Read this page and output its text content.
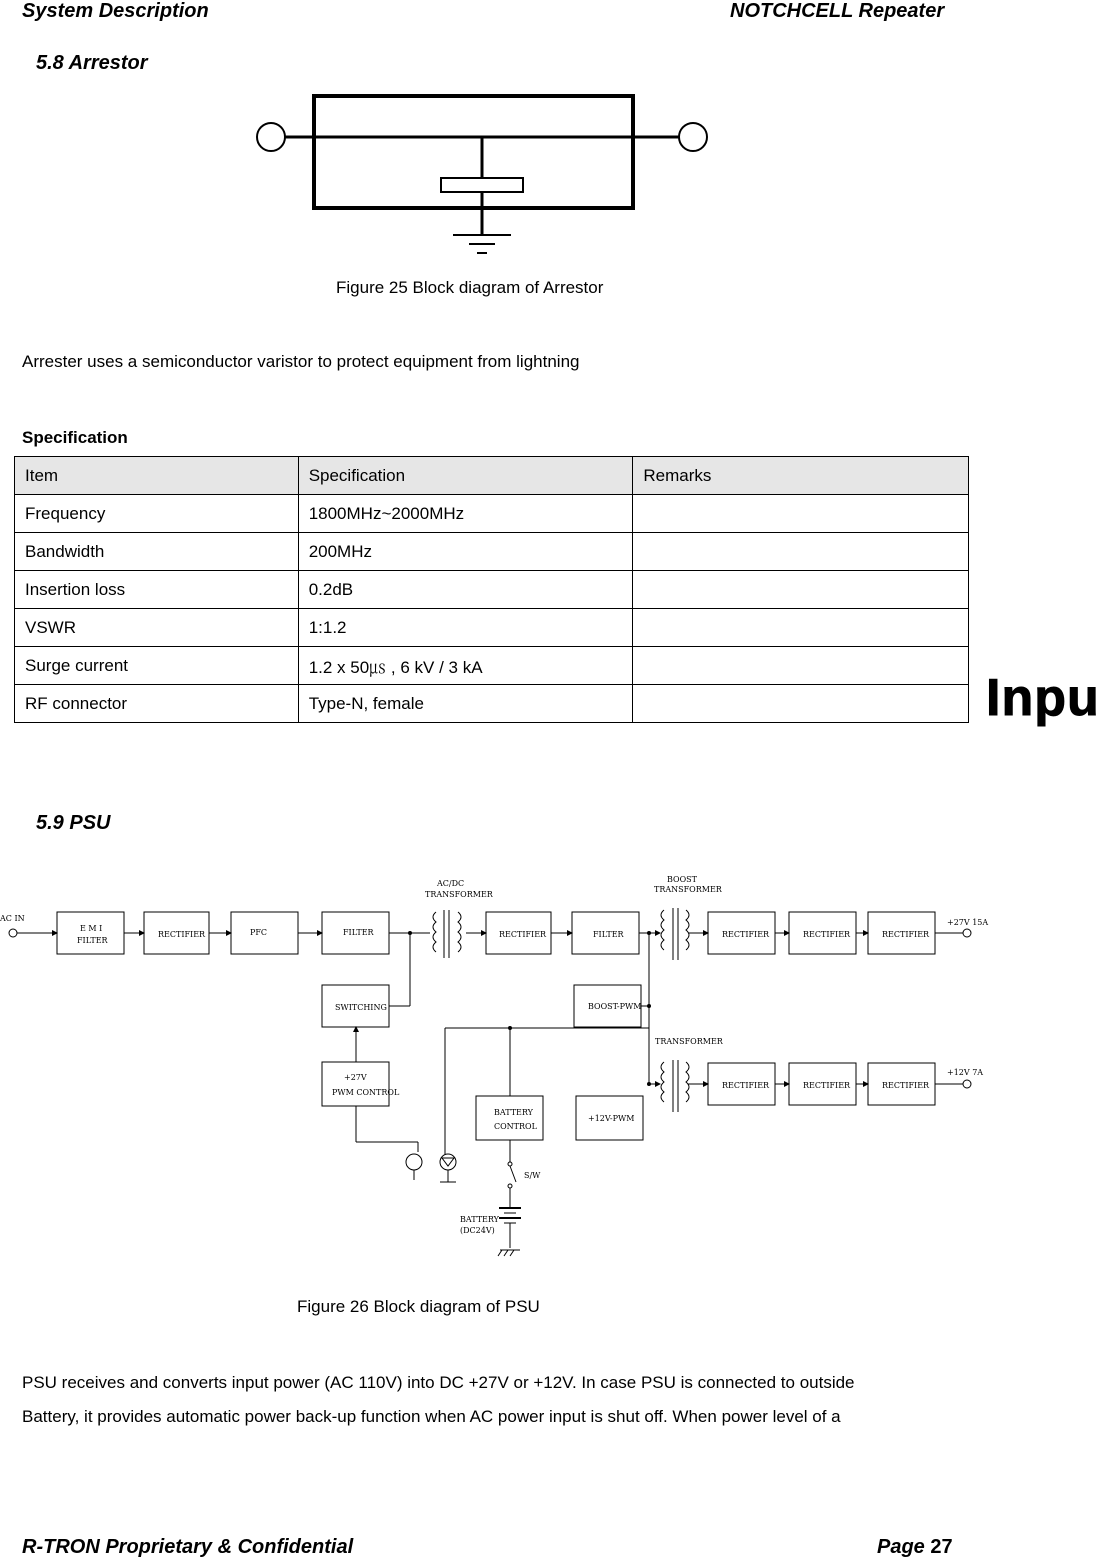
System Description	NOTCHCELL Repeater
5.8 Arrestor
Figure 25 Block diagram of Arrestor
Arrester uses a semiconductor varistor to protect equipment from lightning
Specification
Item	Specification	Remarks
Frequency	1800MHz~2000MHz	
Bandwidth	200MHz	
Insertion loss	0.2dB	
VSWR	1:1.2	
Surge current	1.2 x 50㎲ , 6 kV / 3 kA	
RF connector	Type-N, female		Inpu
5.9 PSU
AC IN
E M I
FILTER
RECTIFIER	PFC	FILTER
AC/DC
TRANSFORMER
RECTIFIER	FILTER
BOOST
TRANSFORMER
RECTIFIER	RECTIFIER	RECTIFIER
+27V 15A
SWITCHING	BOOST-PWM
TRANSFORMER
+27V
PWM CONTROL
BATTERY
CONTROL
+12V-PWM
RECTIFIER	RECTIFIER	RECTIFIER
+12V 7A
S/W
BATTERY
(DC24V)
Figure 26 Block diagram of PSU
PSU receives and converts input power (AC 110V) into DC +27V or +12V. In case PSU is connected to outside
Battery, it provides automatic power back-up function when AC power input is shut off. When power level of a
R-TRON Proprietary & Confidential	Page 27
